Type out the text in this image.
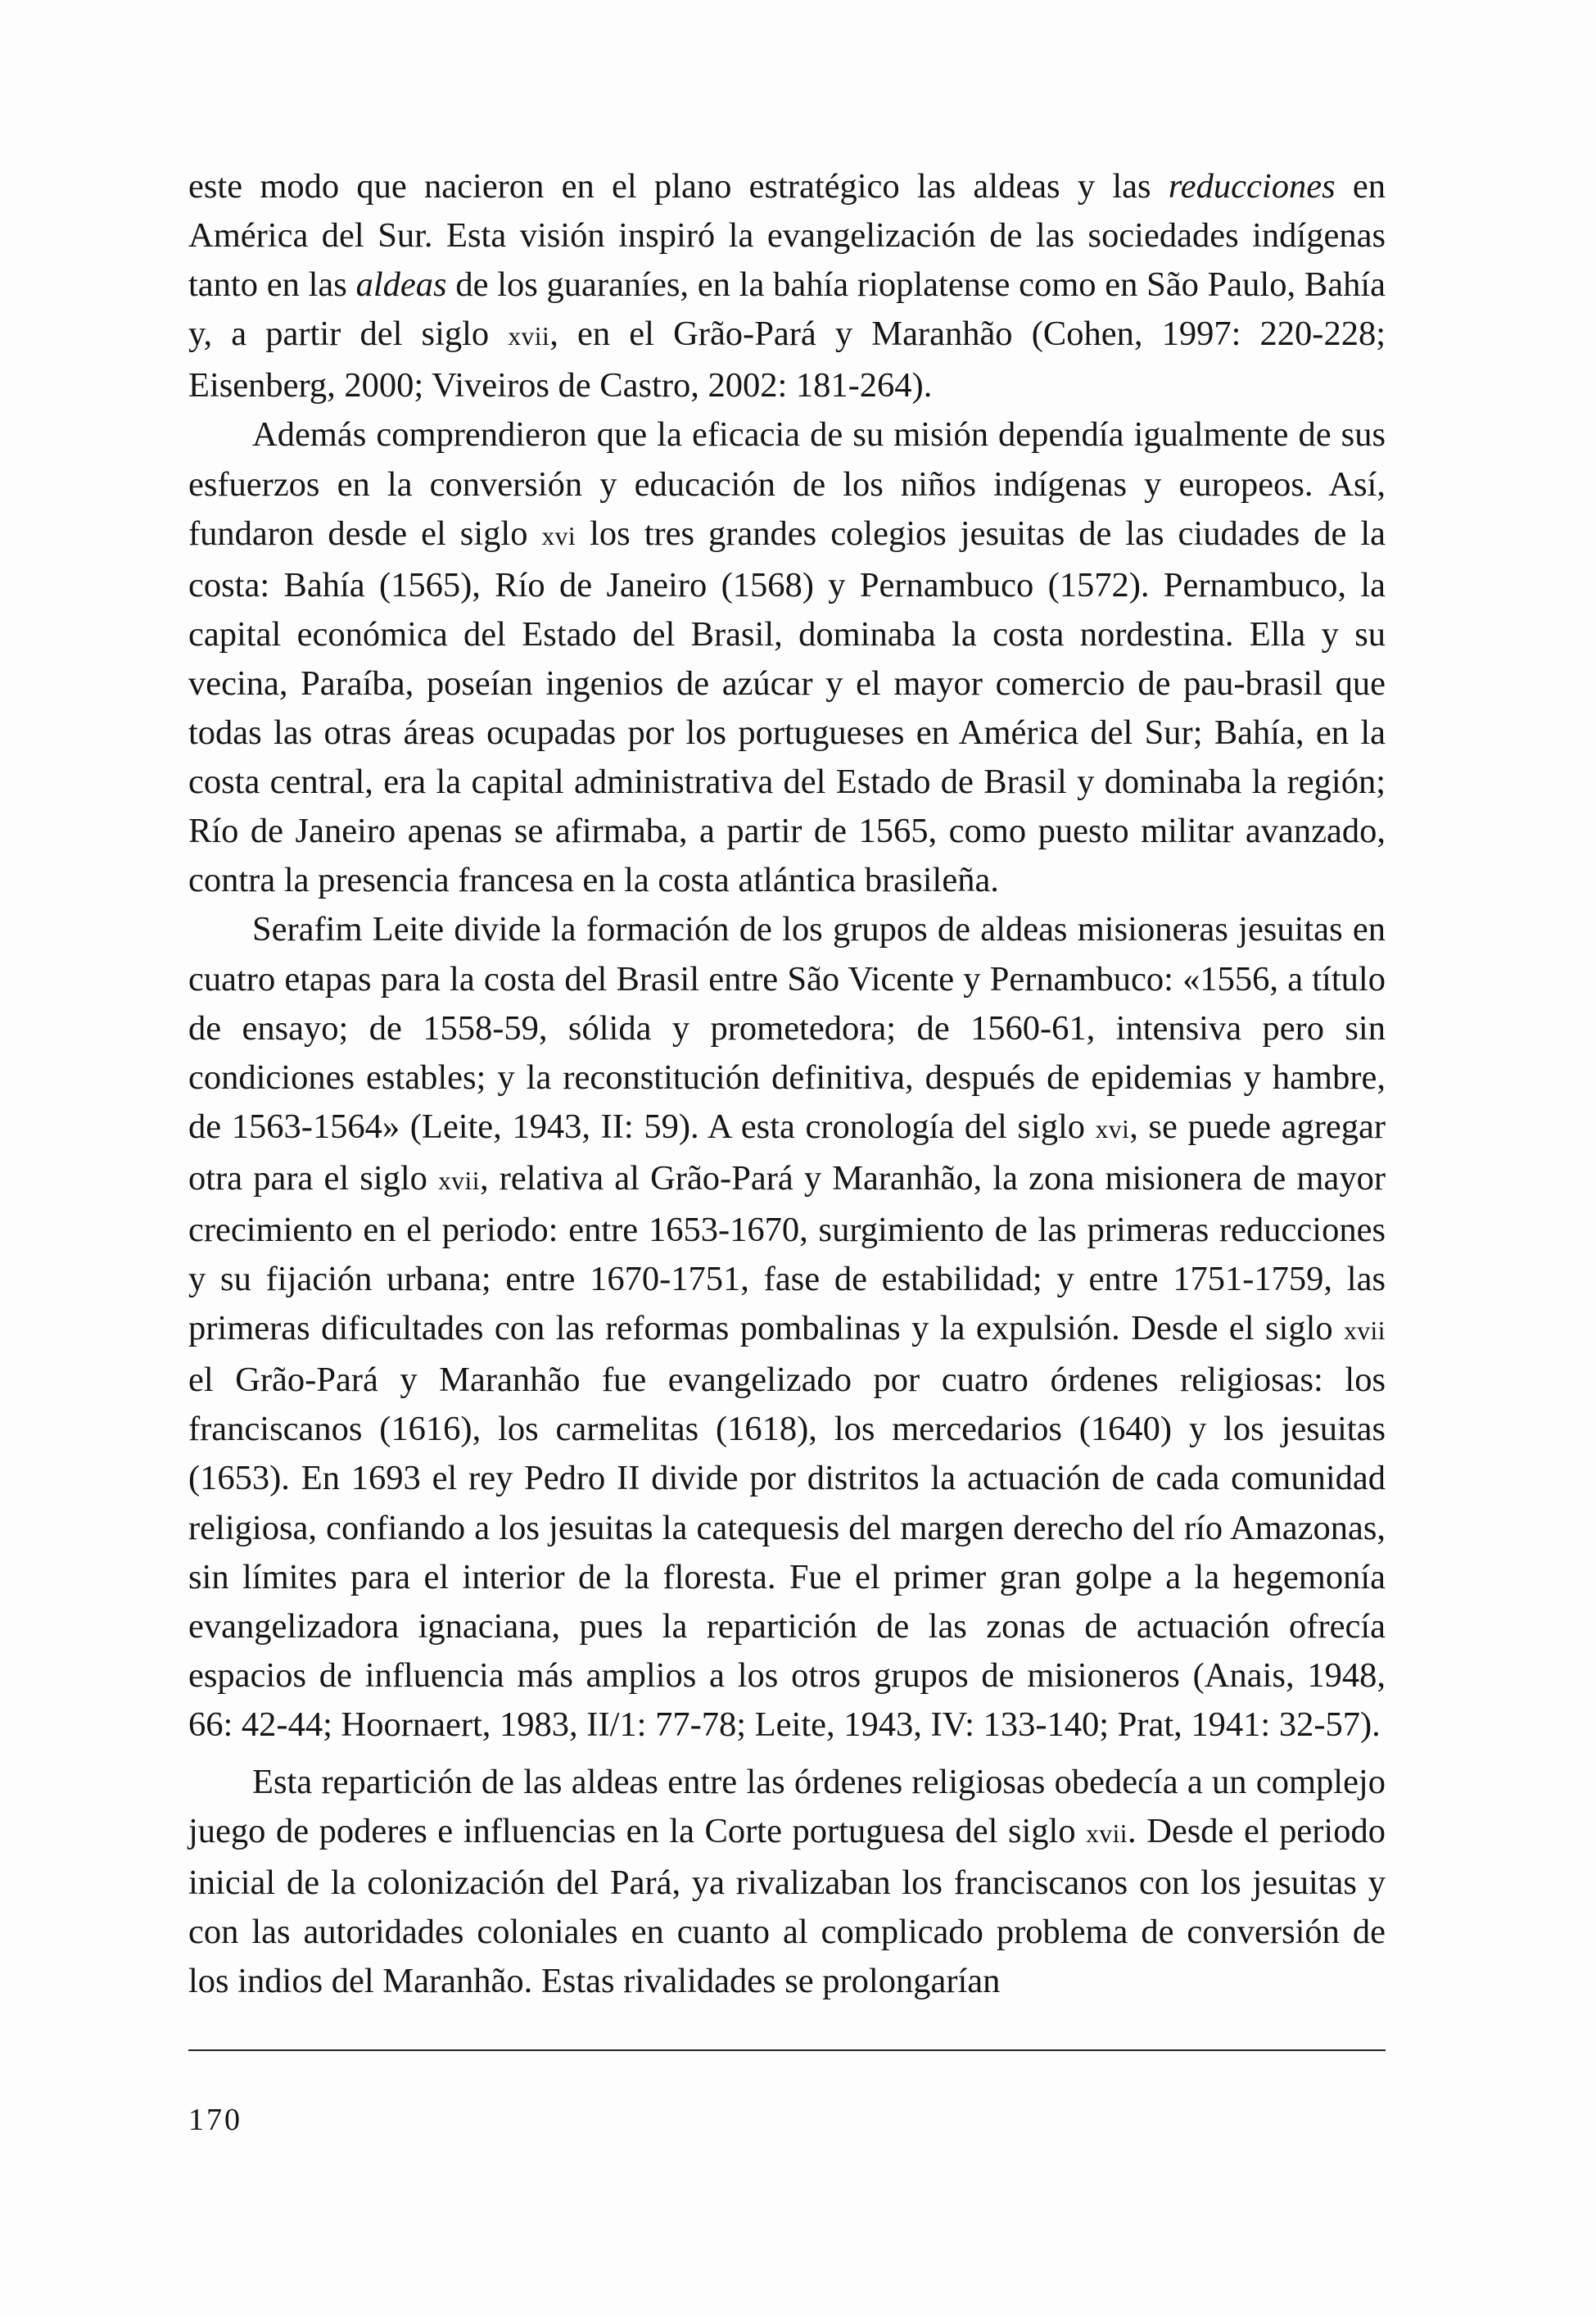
este modo que nacieron en el plano estratégico las aldeas y las reducciones en América del Sur. Esta visión inspiró la evangelización de las sociedades indígenas tanto en las aldeas de los guaraníes, en la bahía rioplatense como en São Paulo, Bahía y, a partir del siglo xvii, en el Grão-Pará y Maranhão (Cohen, 1997: 220-228; Eisenberg, 2000; Viveiros de Castro, 2002: 181-264).

Además comprendieron que la eficacia de su misión dependía igualmente de sus esfuerzos en la conversión y educación de los niños indígenas y europeos. Así, fundaron desde el siglo xvi los tres grandes colegios jesuitas de las ciudades de la costa: Bahía (1565), Río de Janeiro (1568) y Pernambuco (1572). Pernambuco, la capital económica del Estado del Brasil, dominaba la costa nordestina. Ella y su vecina, Paraíba, poseían ingenios de azúcar y el mayor comercio de pau-brasil que todas las otras áreas ocupadas por los portugueses en América del Sur; Bahía, en la costa central, era la capital administrativa del Estado de Brasil y dominaba la región; Río de Janeiro apenas se afirmaba, a partir de 1565, como puesto militar avanzado, contra la presencia francesa en la costa atlántica brasileña.

Serafim Leite divide la formación de los grupos de aldeas misioneras jesuitas en cuatro etapas para la costa del Brasil entre São Vicente y Pernambuco: «1556, a título de ensayo; de 1558-59, sólida y prometedora; de 1560-61, intensiva pero sin condiciones estables; y la reconstitución definitiva, después de epidemias y hambre, de 1563-1564» (Leite, 1943, II: 59). A esta cronología del siglo xvi, se puede agregar otra para el siglo xvii, relativa al Grão-Pará y Maranhão, la zona misionera de mayor crecimiento en el periodo: entre 1653-1670, surgimiento de las primeras reducciones y su fijación urbana; entre 1670-1751, fase de estabilidad; y entre 1751-1759, las primeras dificultades con las reformas pombalinas y la expulsión. Desde el siglo xvii el Grão-Pará y Maranhão fue evangelizado por cuatro órdenes religiosas: los franciscanos (1616), los carmelitas (1618), los mercedarios (1640) y los jesuitas (1653). En 1693 el rey Pedro II divide por distritos la actuación de cada comunidad religiosa, confiando a los jesuitas la catequesis del margen derecho del río Amazonas, sin límites para el interior de la floresta. Fue el primer gran golpe a la hegemonía evangelizadora ignaciana, pues la repartición de las zonas de actuación ofrecía espacios de influencia más amplios a los otros grupos de misioneros (Anais, 1948, 66: 42-44; Hoornaert, 1983, II/1: 77-78; Leite, 1943, IV: 133-140; Prat, 1941: 32-57).

Esta repartición de las aldeas entre las órdenes religiosas obedecía a un complejo juego de poderes e influencias en la Corte portuguesa del siglo xvii. Desde el periodo inicial de la colonización del Pará, ya rivalizaban los franciscanos con los jesuitas y con las autoridades coloniales en cuanto al complicado problema de conversión de los indios del Maranhão. Estas rivalidades se prolongarían

170
